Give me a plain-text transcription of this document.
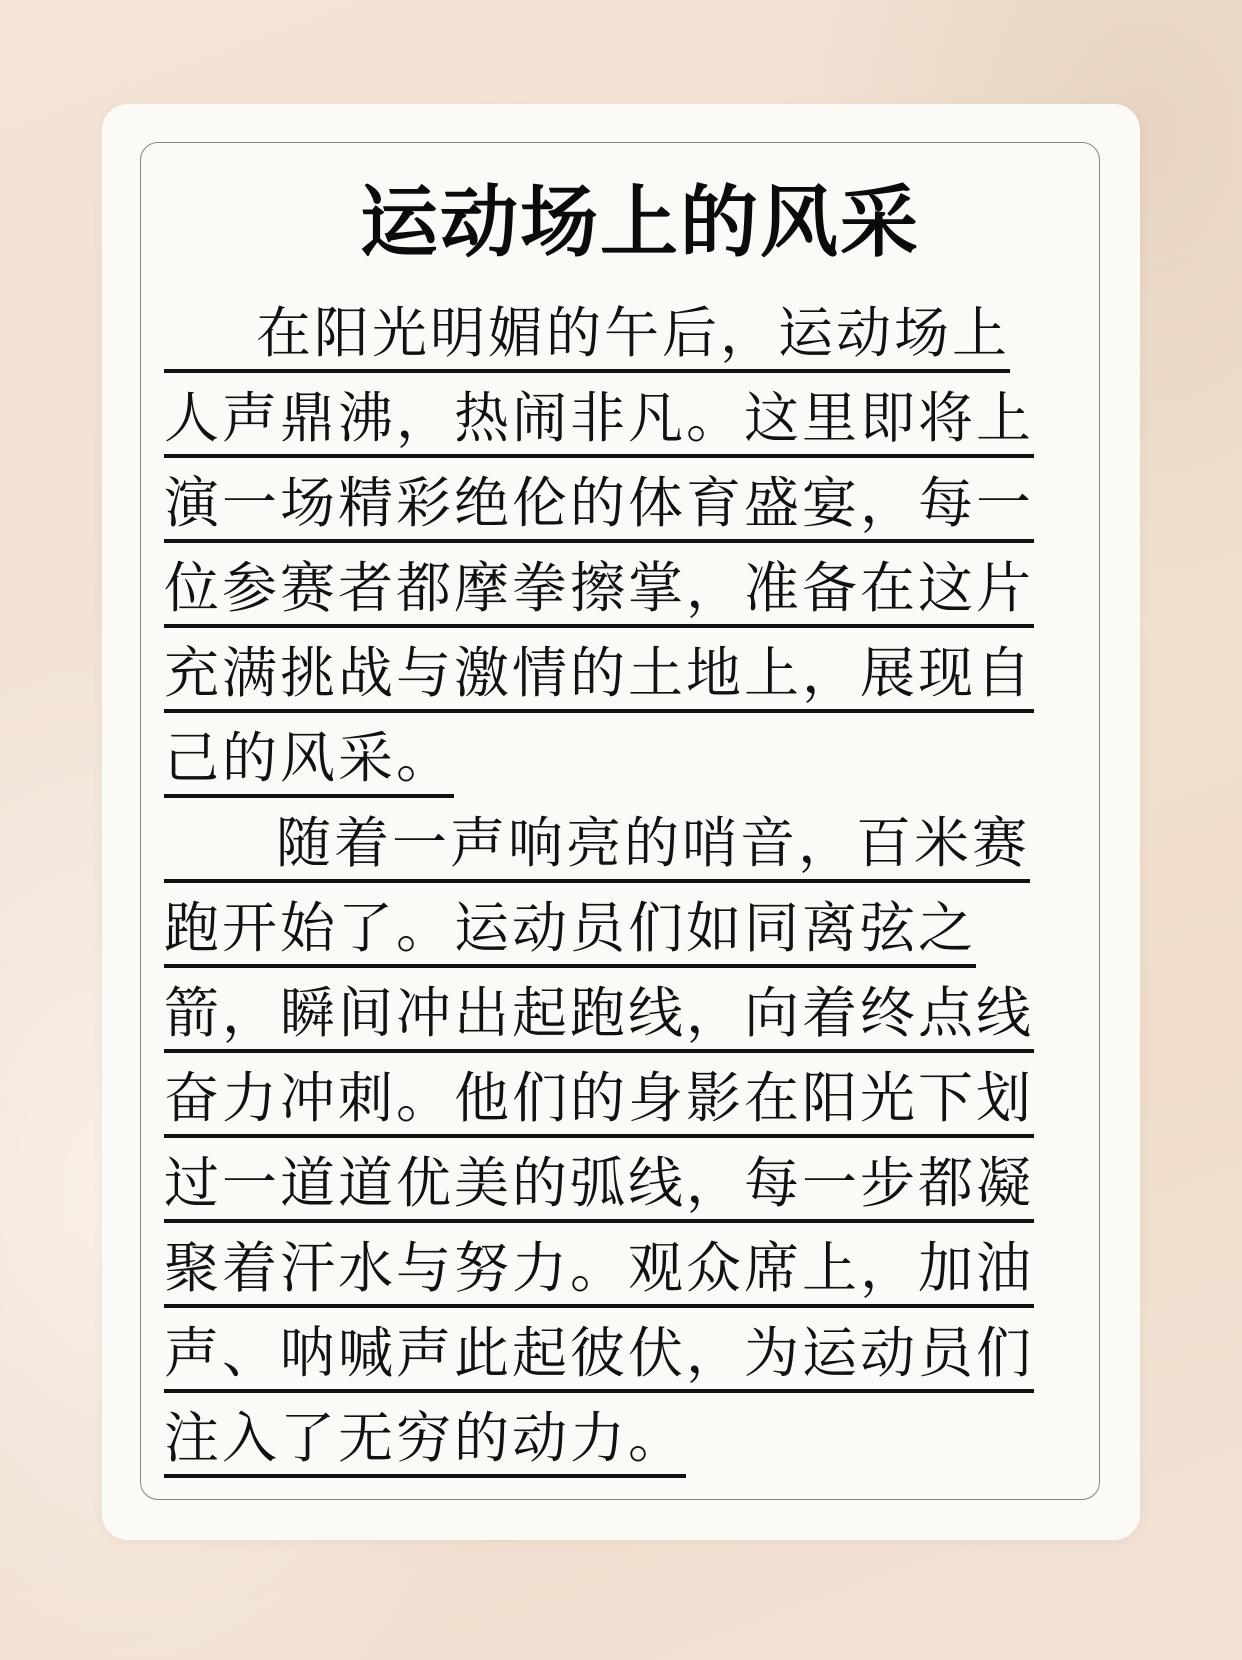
运动场上的风采
在阳光明媚的午后，运动场上
人声鼎沸，热闹非凡。这里即将上
演一场精彩绝伦的体育盛宴，每一
位参赛者都摩拳擦掌，准备在这片
充满挑战与激情的土地上，展现自
己的风采。
随着一声响亮的哨音，百米赛
跑开始了。运动员们如同离弦之
箭，瞬间冲出起跑线，向着终点线
奋力冲刺。他们的身影在阳光下划
过一道道优美的弧线，每一步都凝
聚着汗水与努力。观众席上，加油
声、呐喊声此起彼伏，为运动员们
注入了无穷的动力。
